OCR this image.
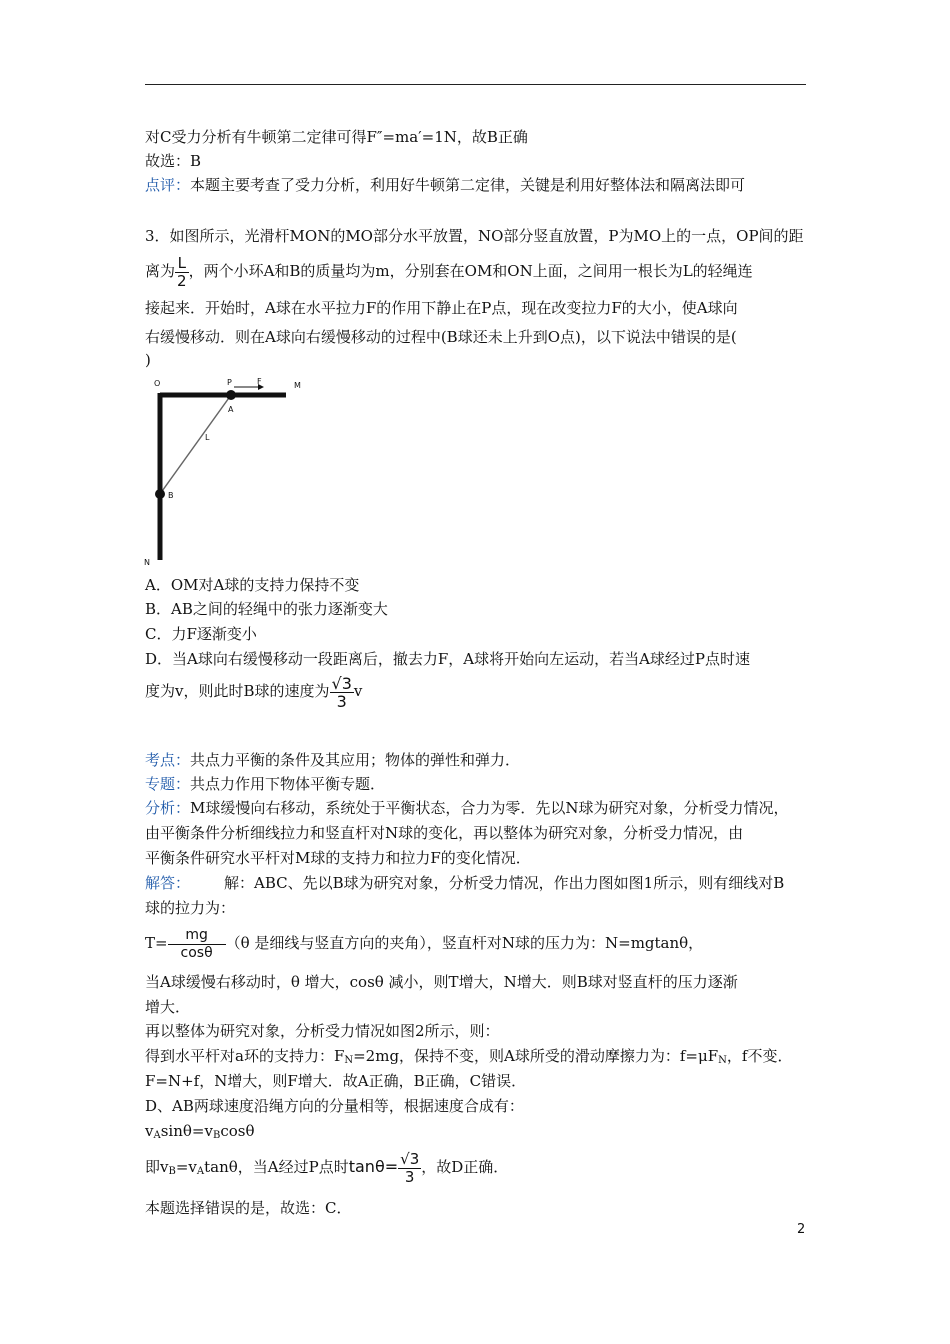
对C受力分析有牛顿第二定律可得F″=ma′=1N，故B正确
故选：B
点评：本题主要考查了受力分析，利用好牛顿第二定律，关键是利用好整体法和隔离法即可
3．如图所示，光滑杆MON的MO部分水平放置，NO部分竖直放置，P为MO上的一点，OP间的距
离为 $\frac{L}{2}$ ，两个小环A和B的质量均为m，分别套在OM和ON上面，之间用一根长为L的轻绳连
接起来．开始时，A球在水平拉力F的作用下静止在P点，现在改变拉力F的大小，使A球向
右缓慢移动．则在A球向右缓慢移动的过程中(B球还未上升到O点)，以下说法中错误的是(
)
O	P	F	M
A
L
B
N
A．OM对A球的支持力保持不变
B．AB之间的轻绳中的张力逐渐变大
C．力F逐渐变小
D．当A球向右缓慢移动一段距离后，撤去力F，A球将开始向左运动，若当A球经过P点时速
度为v，则此时B球的速度为 $\frac{√3}{3}$ v
考点：共点力平衡的条件及其应用；物体的弹性和弹力．
专题：共点力作用下物体平衡专题．
分析：M球缓慢向右移动，系统处于平衡状态，合力为零．先以N球为研究对象，分析受力情况，
由平衡条件分析细线拉力和竖直杆对N球的变化，再以整体为研究对象，分析受力情况，由
平衡条件研究水平杆对M球的支持力和拉力F的变化情况．
解答： 解：ABC、先以B球为研究对象，分析受力情况，作出力图如图1所示，则有细线对B
球的拉力为：
$T= \frac{mg}{\cos\theta} (\theta$ 是细线与竖直方向的夹角），竖直杆对N球的压力为：N=mgtanθ，
当A球缓慢右移动时，θ 增大，cosθ 减小，则T增大，N增大．则B球对竖直杆的压力逐渐
增大．
再以整体为研究对象，分析受力情况如图2所示，则：
得到水平杆对a环的支持力：$F_N=2mg$，保持不变，则A球所受的滑动摩擦力为：$f=\mu F_N$，f不变．
F=N+f，N增大，则F增大．故A正确，B正确，C错误．
D、AB两球速度沿绳方向的分量相等，根据速度合成有：
$v_A\sin\theta=v_B\cos\theta$
即$v_B=v_A\tan\theta$，当A经过P点时$\tan\theta= \frac{√3}{3}$ ，故D正确．
本题选择错误的是，故选：C．
2
